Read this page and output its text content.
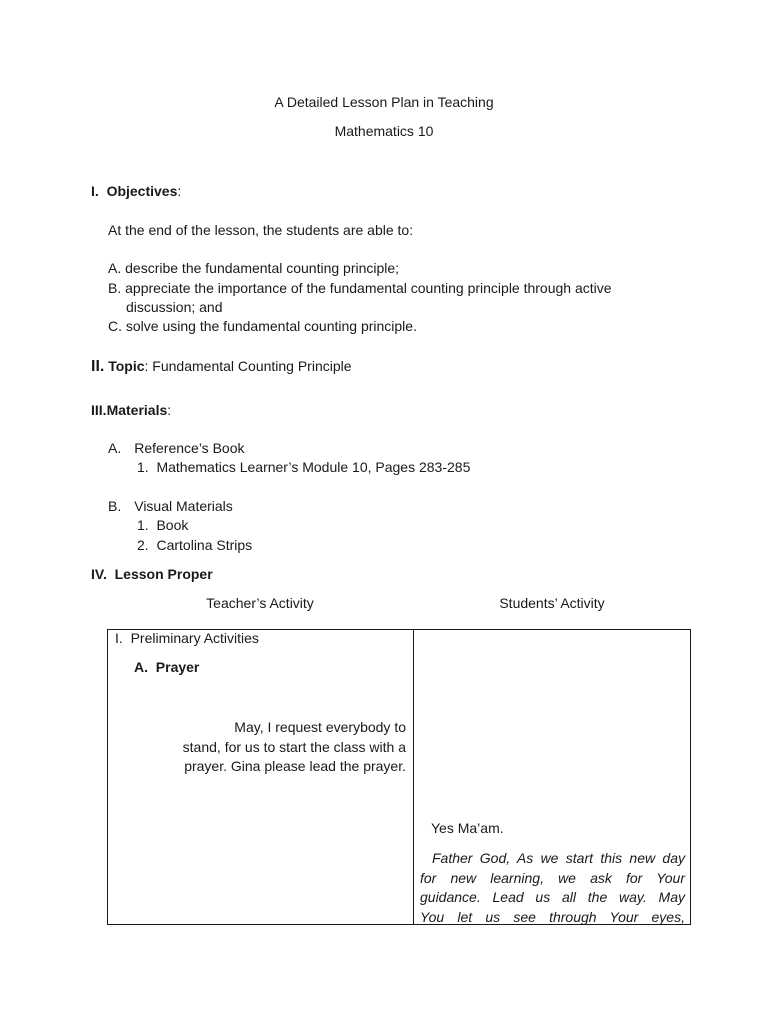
A Detailed Lesson Plan in Teaching
Mathematics 10
I. Objectives:
At the end of the lesson, the students are able to:
A. describe the fundamental counting principle;
B. appreciate the importance of the fundamental counting principle through active
discussion; and
C. solve using the fundamental counting principle.
II. Topic: Fundamental Counting Principle
III.Materials:
A. Reference’s Book
1. Mathematics Learner’s Module 10, Pages 283-285
B. Visual Materials
1. Book
2. Cartolina Strips
IV. Lesson Proper
Teacher’s Activity	Students’ Activity
I. Preliminary Activities
A. Prayer
May, I request everybody to
stand, for us to start the class with a
prayer. Gina please lead the prayer.
Yes Ma’am.
Father God, As we start this new day
for new learning, we ask for Your
guidance. Lead us all the way. May
You let us see through Your eyes,
